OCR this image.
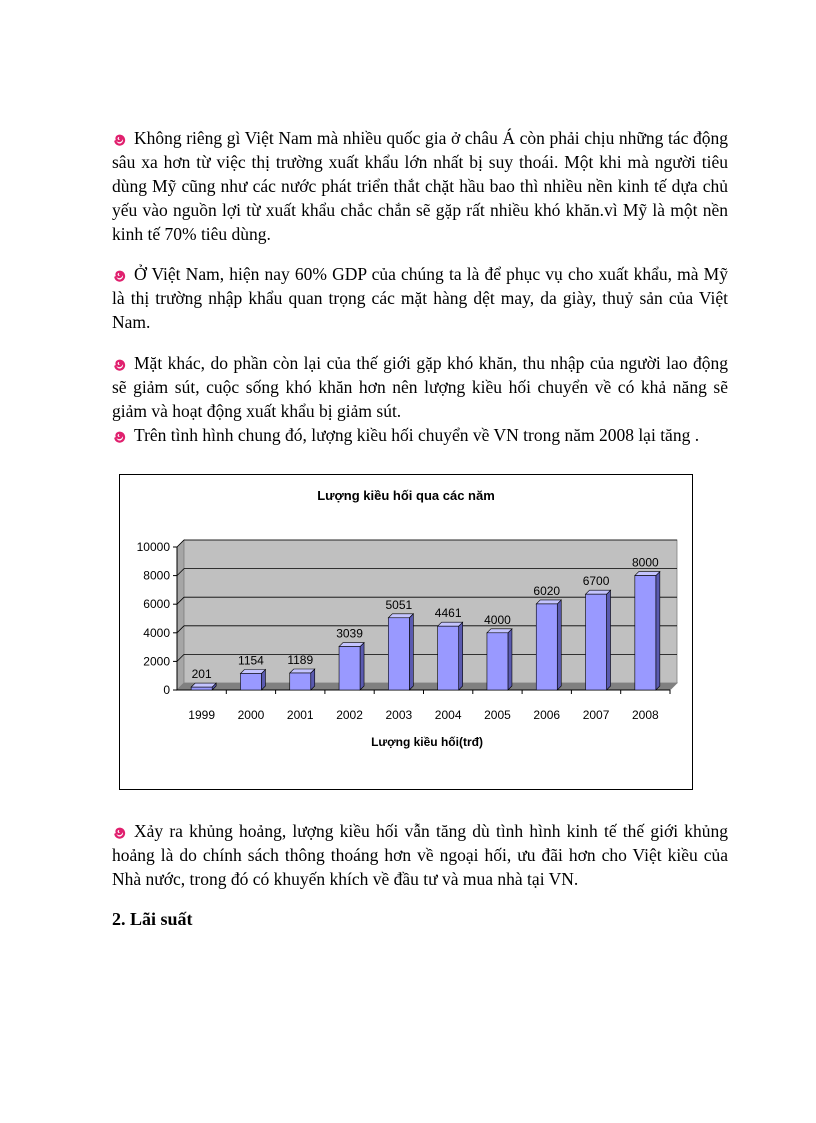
Không riêng gì Việt Nam mà nhiều quốc gia ở châu Á còn phải chịu những tác động sâu xa hơn từ việc thị trường xuất khẩu lớn nhất bị suy thoái. Một khi mà người tiêu dùng Mỹ cũng như các nước phát triển thắt chặt hầu bao thì nhiều nền kinh tế dựa chủ yếu vào nguồn lợi từ xuất khẩu chắc chắn sẽ gặp rất nhiều khó khăn.vì Mỹ là một nền kinh tế 70% tiêu dùng.

Ở Việt Nam, hiện nay 60% GDP của chúng ta là để phục vụ cho xuất khẩu, mà Mỹ là thị trường nhập khẩu quan trọng các mặt hàng dệt may, da giày, thuỷ sản của Việt Nam.

Mặt khác, do phần còn lại của thế giới gặp khó khăn, thu nhập của người lao động sẽ giảm sút, cuộc sống khó khăn hơn nên lượng kiều hối chuyển về có khả năng sẽ giảm và hoạt động xuất khẩu bị giảm sút.

Trên tình hình chung đó, lượng kiều hối chuyển về VN trong năm 2008 lại tăng .

Lượng kiều hối qua các năm
0
2000
4000
6000
8000
10000
201
1999
1154
2000
1189
2001
3039
2002
5051
2003
4461
2004
4000
2005
6020
2006
6700
2007
8000
2008
Lượng kiều hối(trđ)

Xảy ra khủng hoảng, lượng kiều hối vẫn tăng dù tình hình kinh tế thế giới khủng hoảng là do chính sách thông thoáng hơn về ngoại hối, ưu đãi hơn cho Việt kiều của Nhà nước, trong đó có khuyến khích về đầu tư và mua nhà tại VN.

2. Lãi suất
